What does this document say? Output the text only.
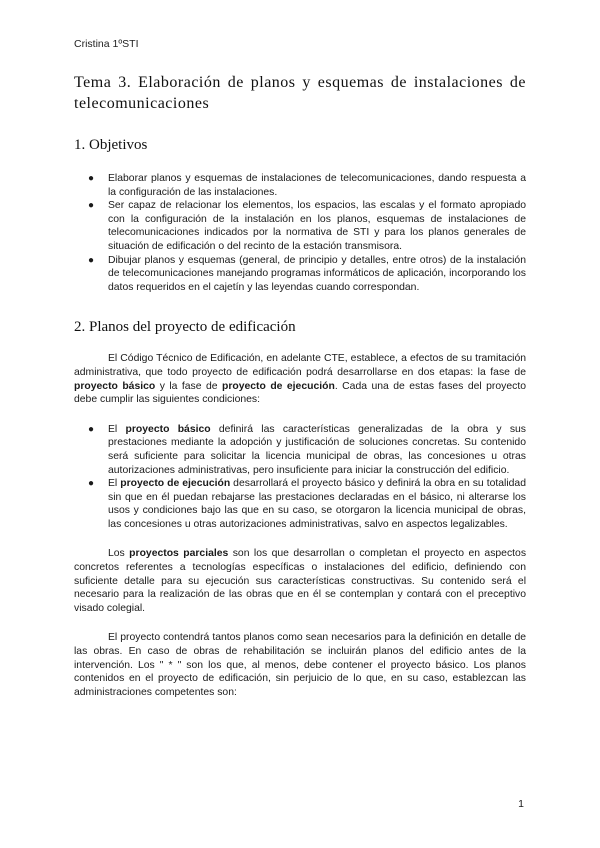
Cristina 1ºSTI
Tema 3. Elaboración de planos y esquemas de instalaciones de telecomunicaciones
1. Objetivos
● Elaborar planos y esquemas de instalaciones de telecomunicaciones, dando respuesta a la configuración de las instalaciones.
● Ser capaz de relacionar los elementos, los espacios, las escalas y el formato apropiado con la configuración de la instalación en los planos, esquemas de instalaciones de telecomunicaciones indicados por la normativa de STI y para los planos generales de situación de edificación o del recinto de la estación transmisora.
● Dibujar planos y esquemas (general, de principio y detalles, entre otros) de la instalación de telecomunicaciones manejando programas informáticos de aplicación, incorporando los datos requeridos en el cajetín y las leyendas cuando correspondan.
2. Planos del proyecto de edificación

El Código Técnico de Edificación, en adelante CTE, establece, a efectos de su tramitación administrativa, que todo proyecto de edificación podrá desarrollarse en dos etapas: la fase de proyecto básico y la fase de proyecto de ejecución. Cada una de estas fases del proyecto debe cumplir las siguientes condiciones:

● El proyecto básico definirá las características generalizadas de la obra y sus prestaciones mediante la adopción y justificación de soluciones concretas. Su contenido será suficiente para solicitar la licencia municipal de obras, las concesiones u otras autorizaciones administrativas, pero insuficiente para iniciar la construcción del edificio.
● El proyecto de ejecución desarrollará el proyecto básico y definirá la obra en su totalidad sin que en él puedan rebajarse las prestaciones declaradas en el básico, ni alterarse los usos y condiciones bajo las que en su caso, se otorgaron la licencia municipal de obras, las concesiones u otras autorizaciones administrativas, salvo en aspectos legalizables.

Los proyectos parciales son los que desarrollan o completan el proyecto en aspectos concretos referentes a tecnologías específicas o instalaciones del edificio, definiendo con suficiente detalle para su ejecución sus características constructivas. Su contenido será el necesario para la realización de las obras que en él se contemplan y contará con el preceptivo visado colegial.

El proyecto contendrá tantos planos como sean necesarios para la definición en detalle de las obras. En caso de obras de rehabilitación se incluirán planos del edificio antes de la intervención. Los " * " son los que, al menos, debe contener el proyecto básico. Los planos contenidos en el proyecto de edificación, sin perjuicio de lo que, en su caso, establezcan las administraciones competentes son:

1
